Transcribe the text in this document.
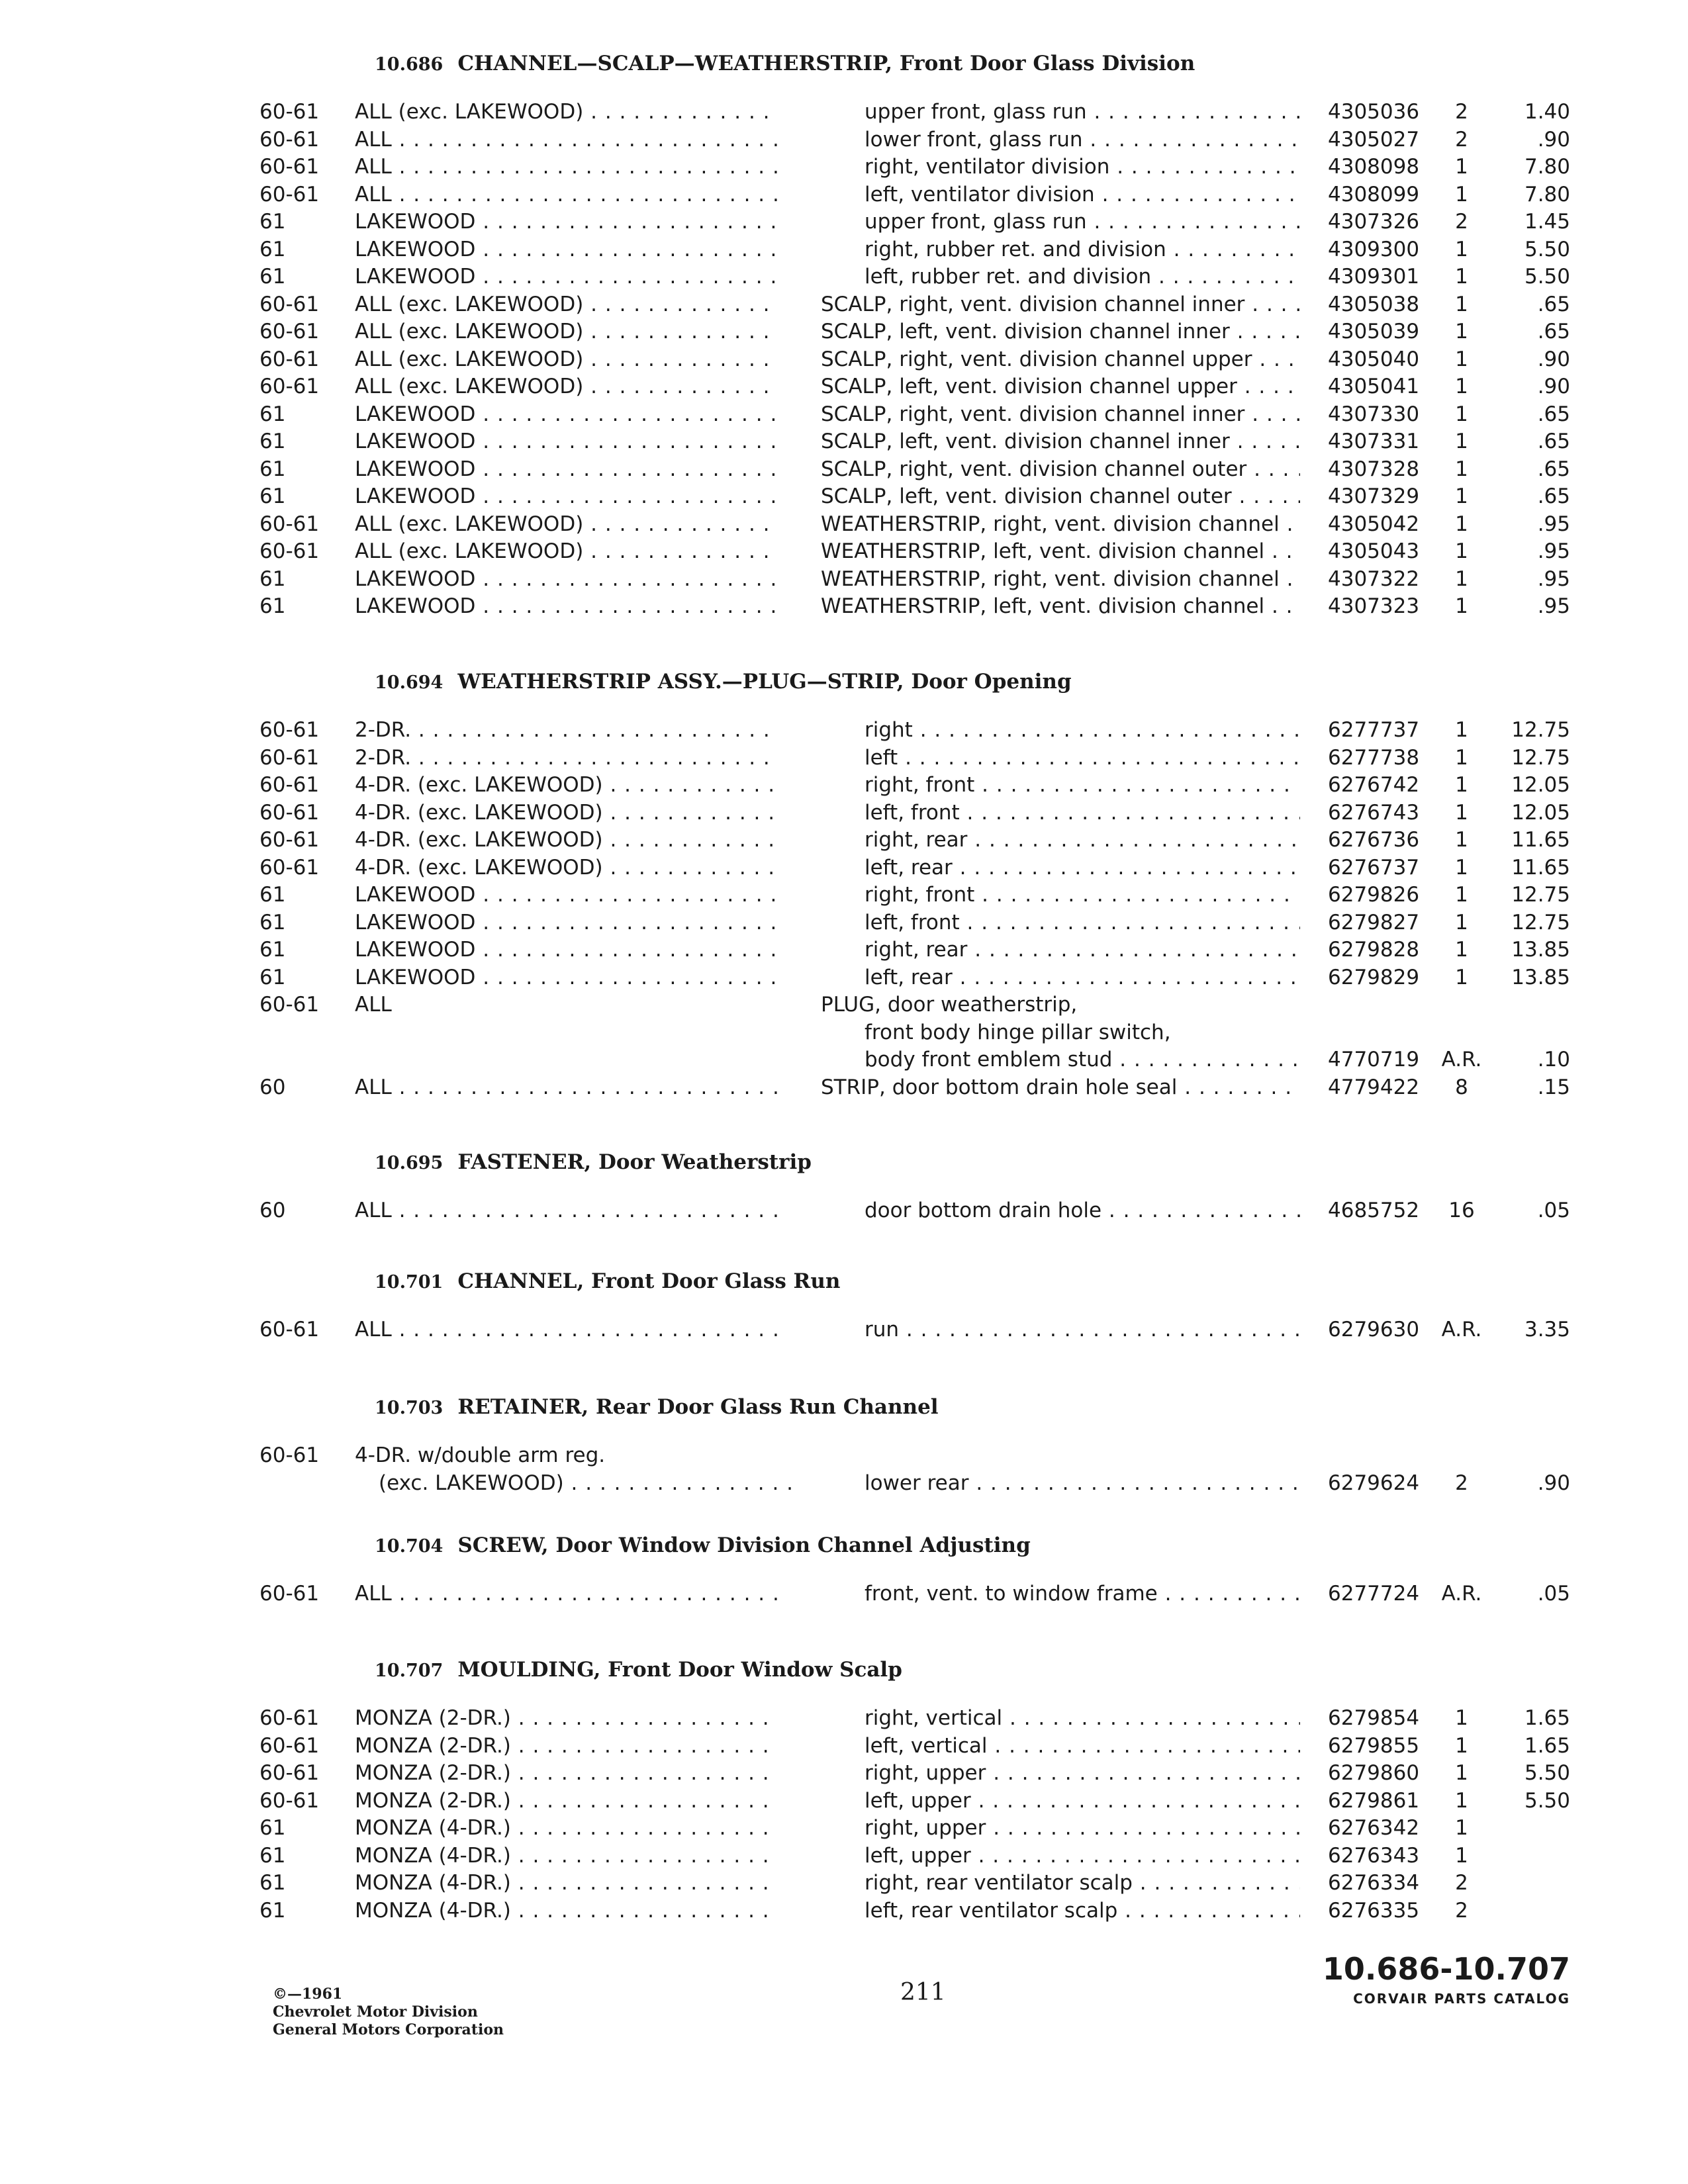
10.686 CHANNEL—SCALP—WEATHERSTRIP, Front Door Glass Division
60-61 ALL (exc. LAKEWOOD) . . .	upper front, glass run . . .	4305036	2	1.40
60-61 ALL . . .	lower front, glass run . . .	4305027	2	.90
60-61 ALL . . .	right, ventilator division . . .	4308098	1	7.80
60-61 ALL . . .	left, ventilator division . . .	4308099	1	7.80
61	LAKEWOOD . . .	upper front, glass run . . .	4307326	2	1.45
61	LAKEWOOD . . .	right, rubber ret. and division . . .	4309300	1	5.50
61	LAKEWOOD . . .	left, rubber ret. and division . . .	4309301	1	5.50
60-61 ALL (exc. LAKEWOOD) . . .	SCALP, right, vent. division channel inner . . .	4305038	1	.65
60-61 ALL (exc. LAKEWOOD) . . .	SCALP, left, vent. division channel inner . . .	4305039	1	.65
60-61 ALL (exc. LAKEWOOD) . . .	SCALP, right, vent. division channel upper . . .	4305040	1	.90
60-61 ALL (exc. LAKEWOOD) . . .	SCALP, left, vent. division channel upper . . .	4305041	1	.90
61	LAKEWOOD . . .	SCALP, right, vent. division channel inner . . .	4307330	1	.65
61	LAKEWOOD . . .	SCALP, left, vent. division channel inner . . .	4307331	1	.65
61	LAKEWOOD . . .	SCALP, right, vent. division channel outer . . .	4307328	1	.65
61	LAKEWOOD . . .	SCALP, left, vent. division channel outer . . .	4307329	1	.65
60-61 ALL (exc. LAKEWOOD) . . .	WEATHERSTRIP, right, vent. division channel . . .	4305042	1	.95
60-61 ALL (exc. LAKEWOOD) . . .	WEATHERSTRIP, left, vent. division channel . . .	4305043	1	.95
61	LAKEWOOD . . .	WEATHERSTRIP, right, vent. division channel . . .	4307322	1	.95
61	LAKEWOOD . . .	WEATHERSTRIP, left, vent. division channel . . .	4307323	1	.95
10.694 WEATHERSTRIP ASSY.—PLUG—STRIP, Door Opening
60-61 2-DR. . . .	right . . .	6277737	1	12.75
60-61 2-DR. . . .	left . . .	6277738	1	12.75
60-61 4-DR. (exc. LAKEWOOD) . . .	right, front . . .	6276742	1	12.05
60-61 4-DR. (exc. LAKEWOOD) . . .	left, front . . .	6276743	1	12.05
60-61 4-DR. (exc. LAKEWOOD) . . .	right, rear . . .	6276736	1	11.65
60-61 4-DR. (exc. LAKEWOOD) . . .	left, rear . . .	6276737	1	11.65
61	LAKEWOOD . . .	right, front . . .	6279826	1	12.75
61	LAKEWOOD . . .	left, front . . .	6279827	1	12.75
61	LAKEWOOD . . .	right, rear . . .	6279828	1	13.85
61	LAKEWOOD . . .	left, rear . . .	6279829	1	13.85
60-61 ALL	PLUG, door weatherstrip,
front body hinge pillar switch,
body front emblem stud . . .	4770719	A.R.	.10
60	ALL . . .	STRIP, door bottom drain hole seal . . .	4779422	8	.15
10.695 FASTENER, Door Weatherstrip
60	ALL . . .	door bottom drain hole . . .	4685752	16	.05
10.701 CHANNEL, Front Door Glass Run
60-61 ALL . . .	run . . .	6279630	A.R.	3.35
10.703 RETAINER, Rear Door Glass Run Channel
60-61 4-DR. w/double arm reg.
(exc. LAKEWOOD) . . .	lower rear . . .	6279624	2	.90
10.704 SCREW, Door Window Division Channel Adjusting
60-61 ALL . . .	front, vent. to window frame . . .	6277724	A.R.	.05
10.707 MOULDING, Front Door Window Scalp
60-61 MONZA (2-DR.) . . .	right, vertical . . .	6279854	1	1.65
60-61 MONZA (2-DR.) . . .	left, vertical . . .	6279855	1	1.65
60-61 MONZA (2-DR.) . . .	right, upper . . .	6279860	1	5.50
60-61 MONZA (2-DR.) . . .	left, upper . . .	6279861	1	5.50
61	MONZA (4-DR.) . . .	right, upper . . .	6276342	1
61	MONZA (4-DR.) . . .	left, upper . . .	6276343	1
61	MONZA (4-DR.) . . .	right, rear ventilator scalp . . .	6276334	2
61	MONZA (4-DR.) . . .	left, rear ventilator scalp . . .	6276335	2
©—1961
Chevrolet Motor Division
General Motors Corporation
211
10.686-10.707
CORVAIR PARTS CATALOG
